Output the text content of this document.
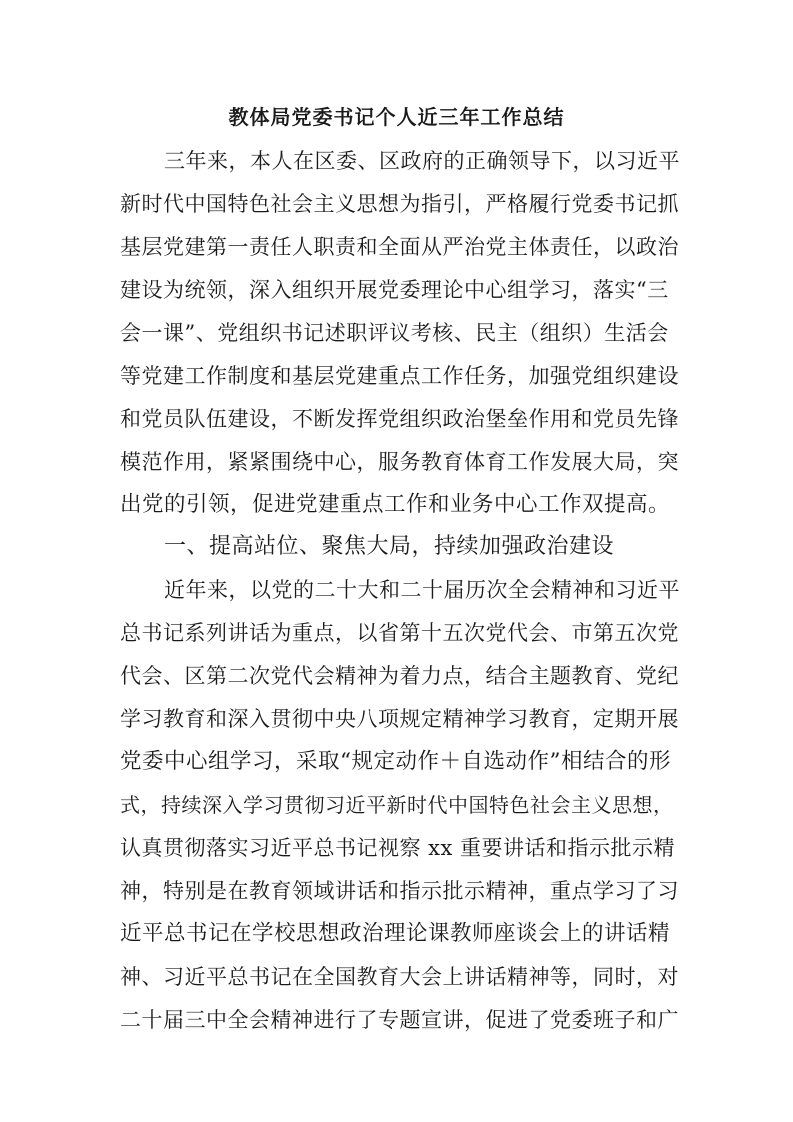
教体局党委书记个人近三年工作总结
三年来，本人在区委、区政府的正确领导下，以习近平
新时代中国特色社会主义思想为指引，严格履行党委书记抓
基层党建第一责任人职责和全面从严治党主体责任，以政治
建设为统领，深入组织开展党委理论中心组学习，落实“三
会一课”、党组织书记述职评议考核、民主（组织）生活会
等党建工作制度和基层党建重点工作任务，加强党组织建设
和党员队伍建设，不断发挥党组织政治堡垒作用和党员先锋
模范作用，紧紧围绕中心，服务教育体育工作发展大局，突
出党的引领，促进党建重点工作和业务中心工作双提高。
一、提高站位、聚焦大局，持续加强政治建设
近年来，以党的二十大和二十届历次全会精神和习近平
总书记系列讲话为重点，以省第十五次党代会、市第五次党
代会、区第二次党代会精神为着力点，结合主题教育、党纪
学习教育和深入贯彻中央八项规定精神学习教育，定期开展
党委中心组学习，采取“规定动作＋自选动作”相结合的形
式，持续深入学习贯彻习近平新时代中国特色社会主义思想，
认真贯彻落实习近平总书记视察 xx 重要讲话和指示批示精
神，特别是在教育领域讲话和指示批示精神，重点学习了习
近平总书记在学校思想政治理论课教师座谈会上的讲话精
神、习近平总书记在全国教育大会上讲话精神等，同时，对
二十届三中全会精神进行了专题宣讲，促进了党委班子和广
